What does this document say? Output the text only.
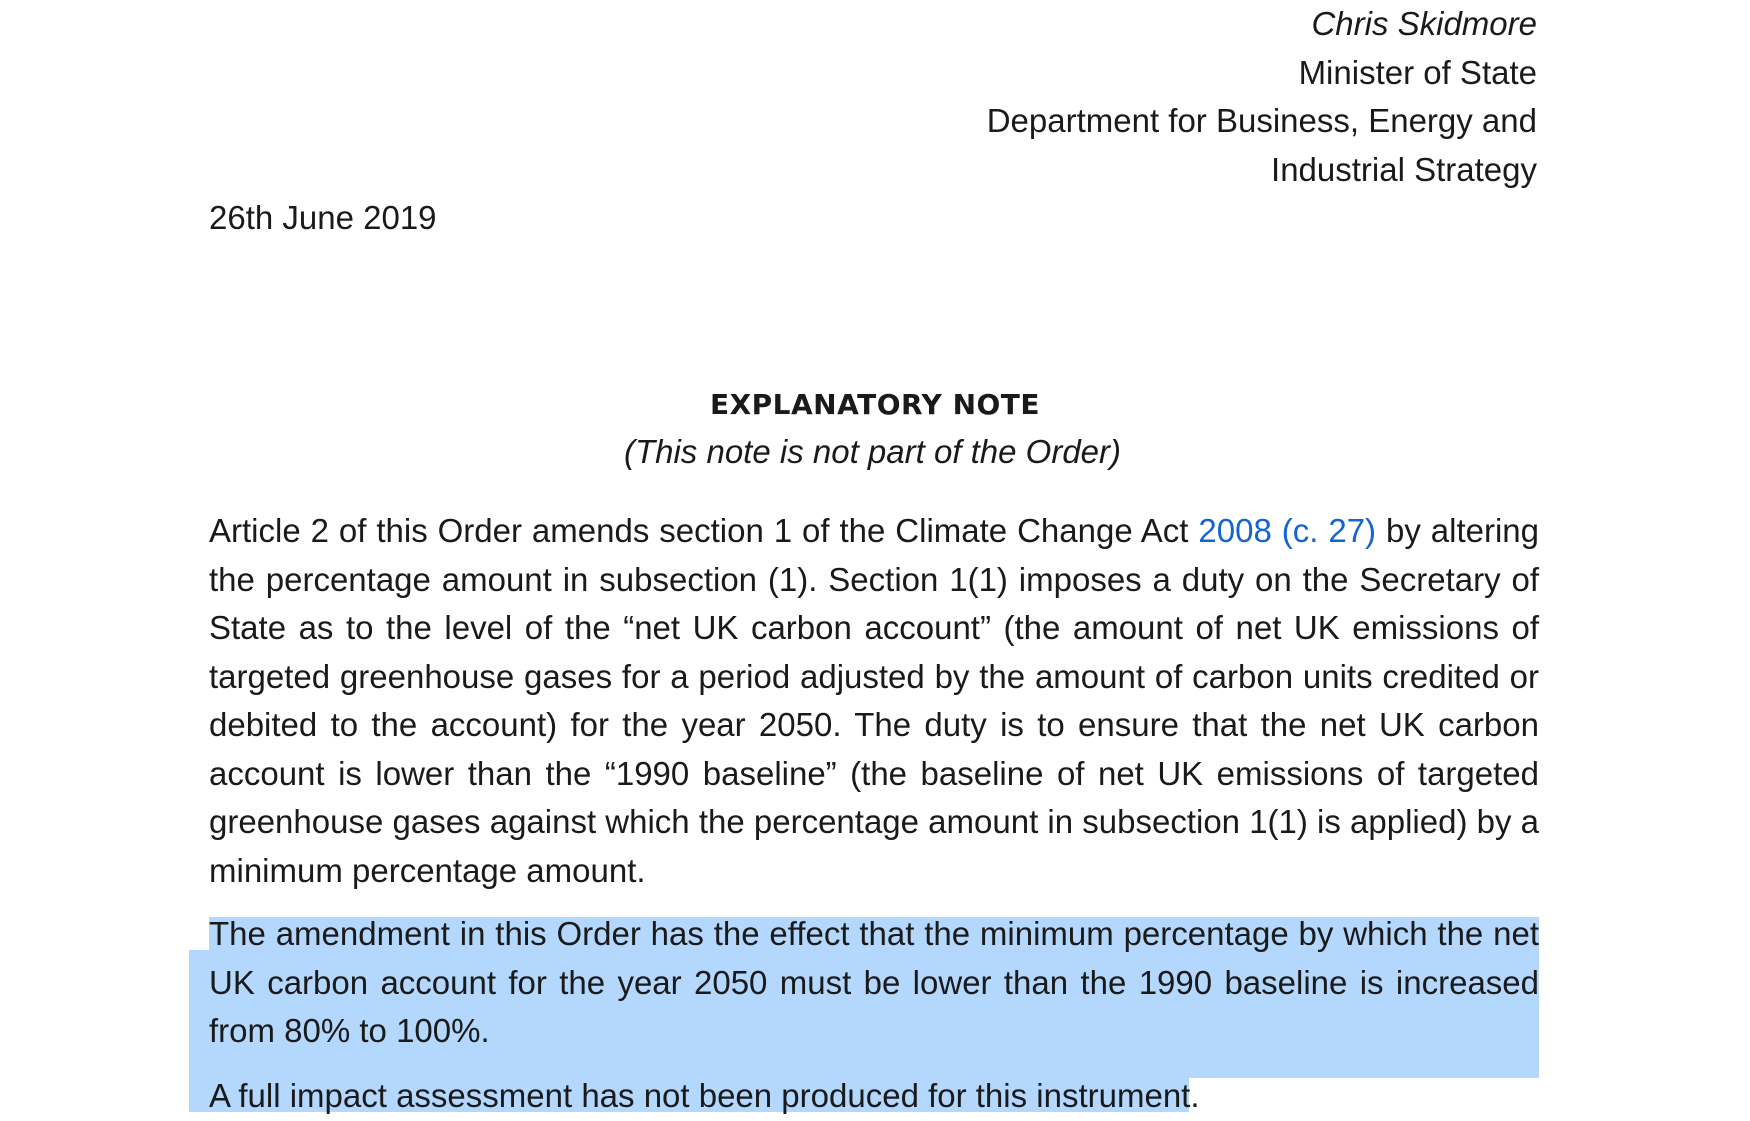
Chris Skidmore
Minister of State
Department for Business, Energy and
Industrial Strategy
26th June 2019
EXPLANATORY NOTE
(This note is not part of the Order)
Article 2 of this Order amends section 1 of the Climate Change Act 2008 (c. 27) by altering the percentage amount in subsection (1). Section 1(1) imposes a duty on the Secretary of State as to the level of the “net UK carbon account” (the amount of net UK emissions of targeted greenhouse gases for a period adjusted by the amount of carbon units credited or debited to the account) for the year 2050. The duty is to ensure that the net UK carbon account is lower than the “1990 baseline” (the baseline of net UK emissions of targeted greenhouse gases against which the percentage amount in subsection 1(1) is applied) by a minimum percentage amount.
The amendment in this Order has the effect that the minimum percentage by which the net UK carbon account for the year 2050 must be lower than the 1990 baseline is increased from 80% to 100%.
A full impact assessment has not been produced for this instrument.
